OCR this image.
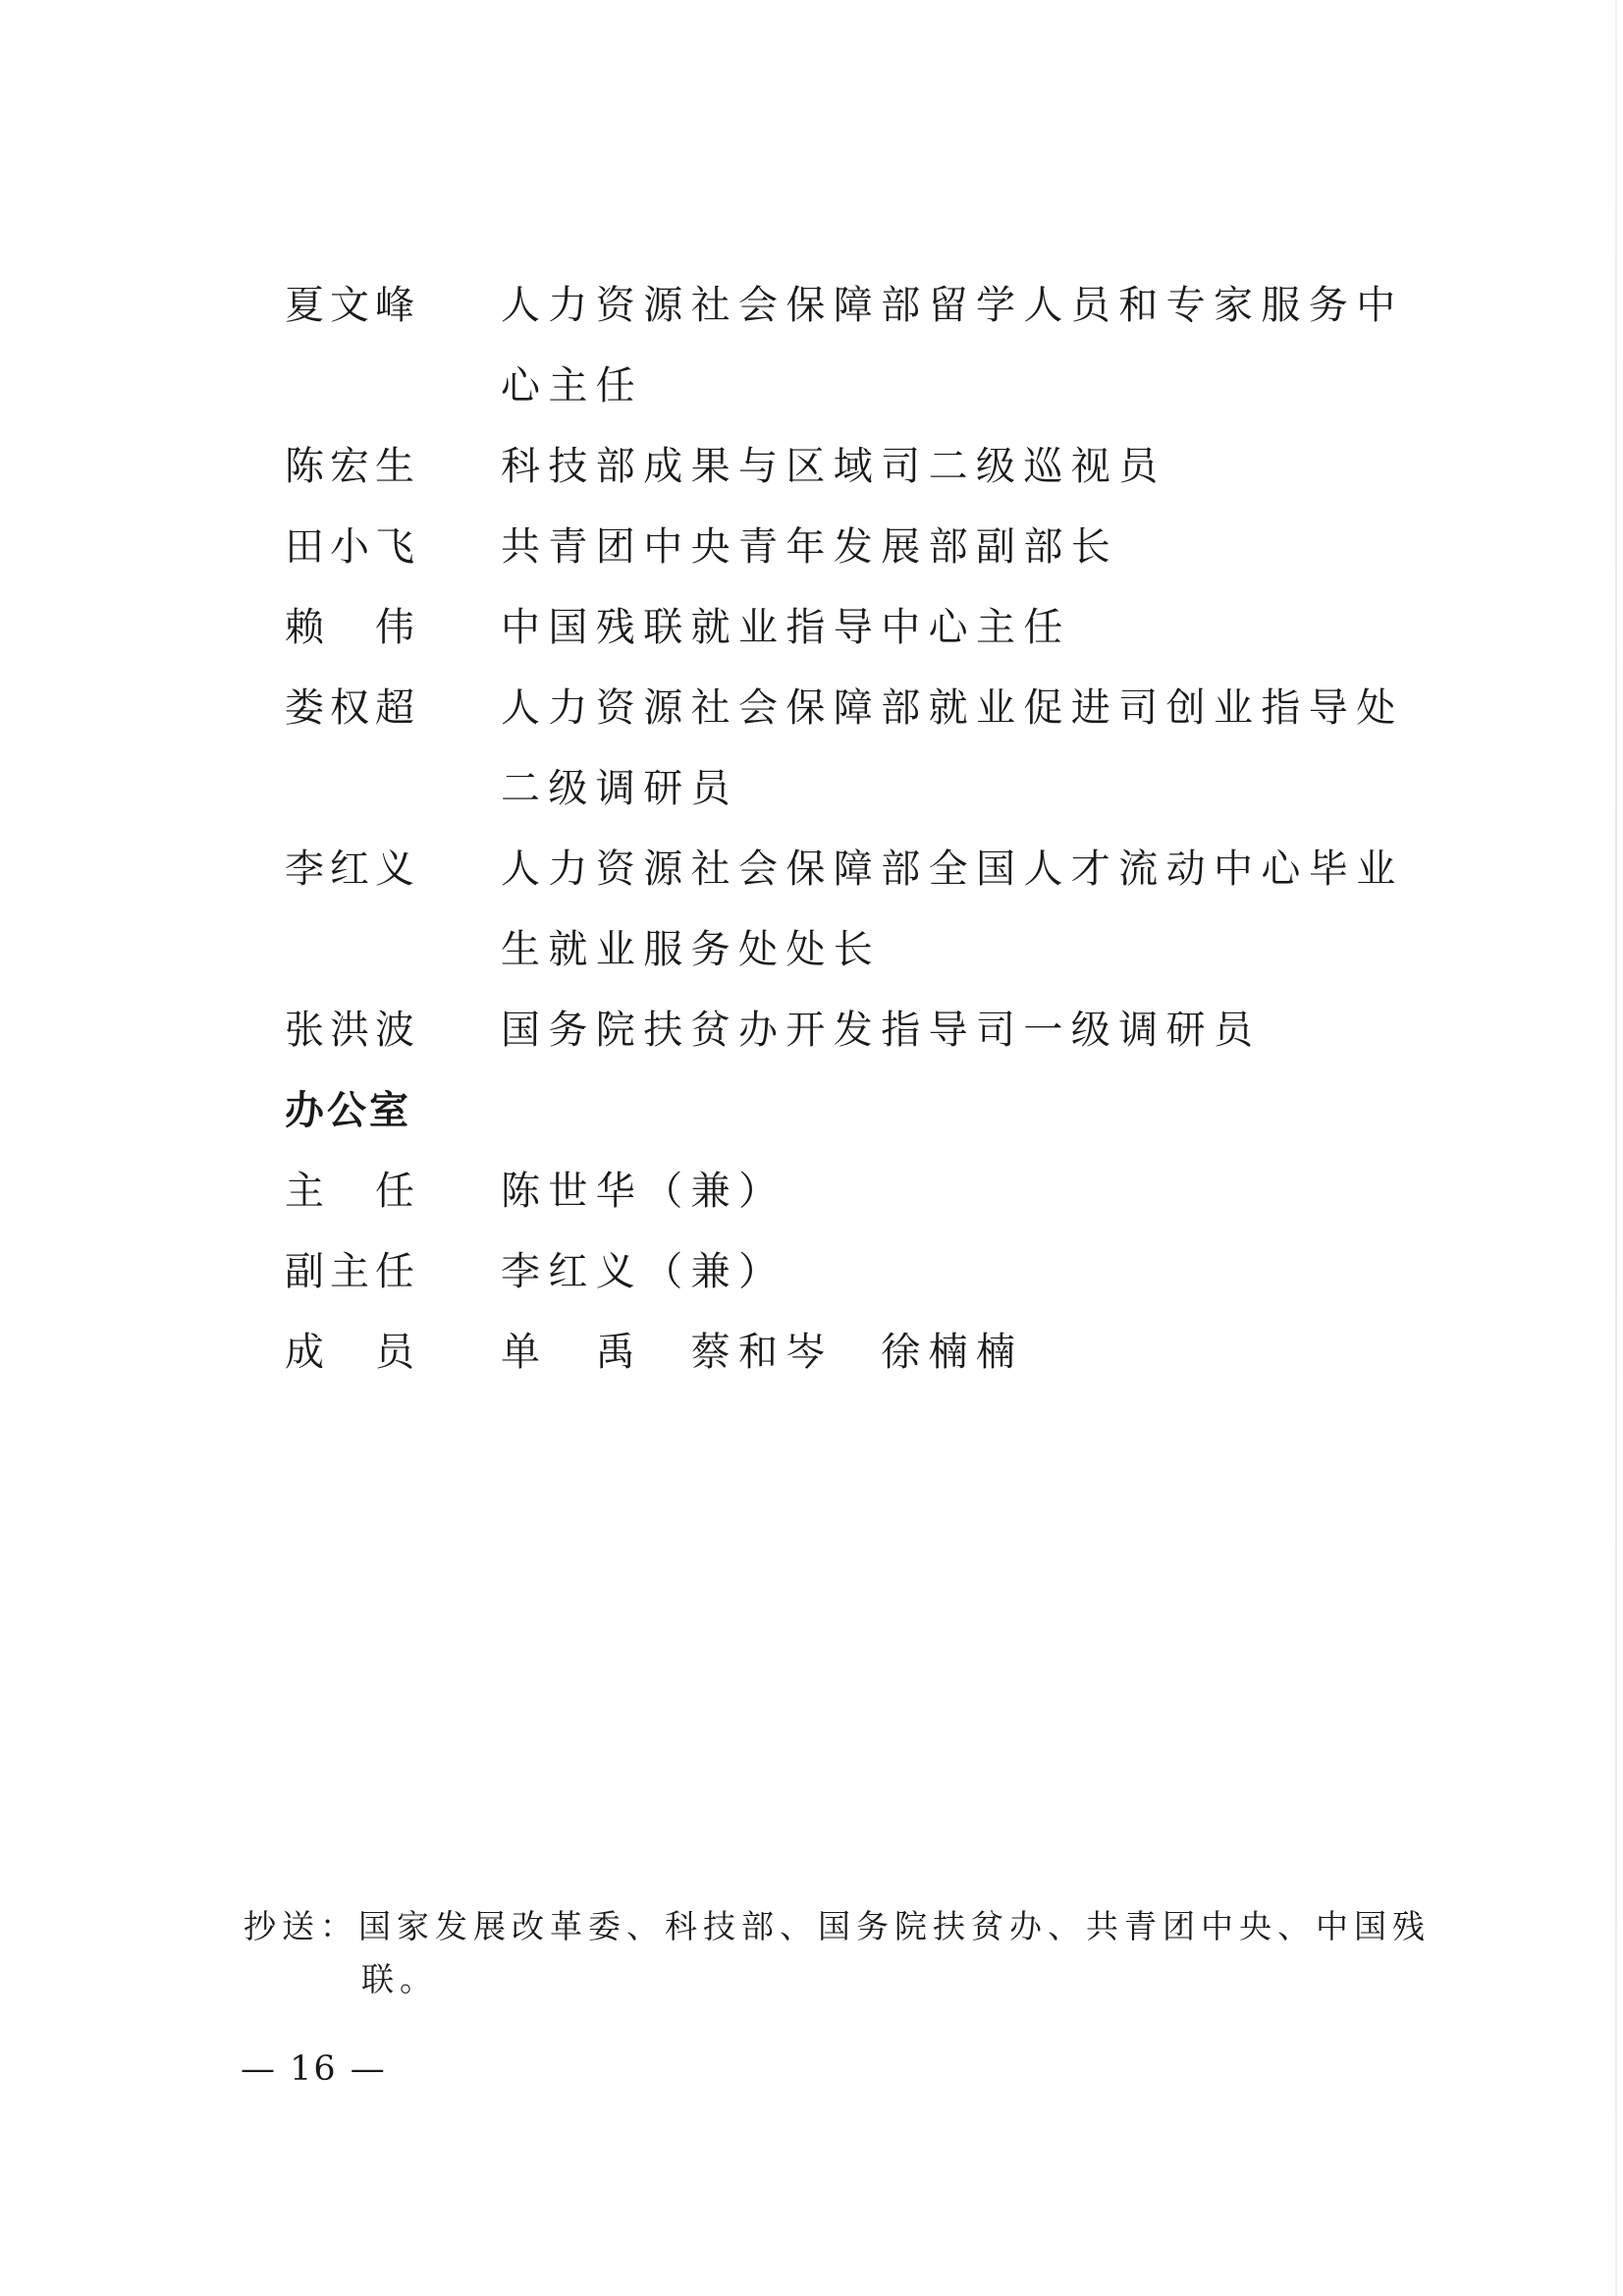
夏文峰	人力资源社会保障部留学人员和专家服务中心主任
陈宏生	科技部成果与区域司二级巡视员
田小飞	共青团中央青年发展部副部长
赖　伟	中国残联就业指导中心主任
娄权超	人力资源社会保障部就业促进司创业指导处二级调研员
李红义	人力资源社会保障部全国人才流动中心毕业生就业服务处处长
张洪波	国务院扶贫办开发指导司一级调研员
办公室
主　任	陈世华（兼）
副主任	李红义（兼）
成　员	单　禹　蔡和岑　徐楠楠
抄送：国家发展改革委、科技部、国务院扶贫办、共青团中央、中国残联。
— 16 —
